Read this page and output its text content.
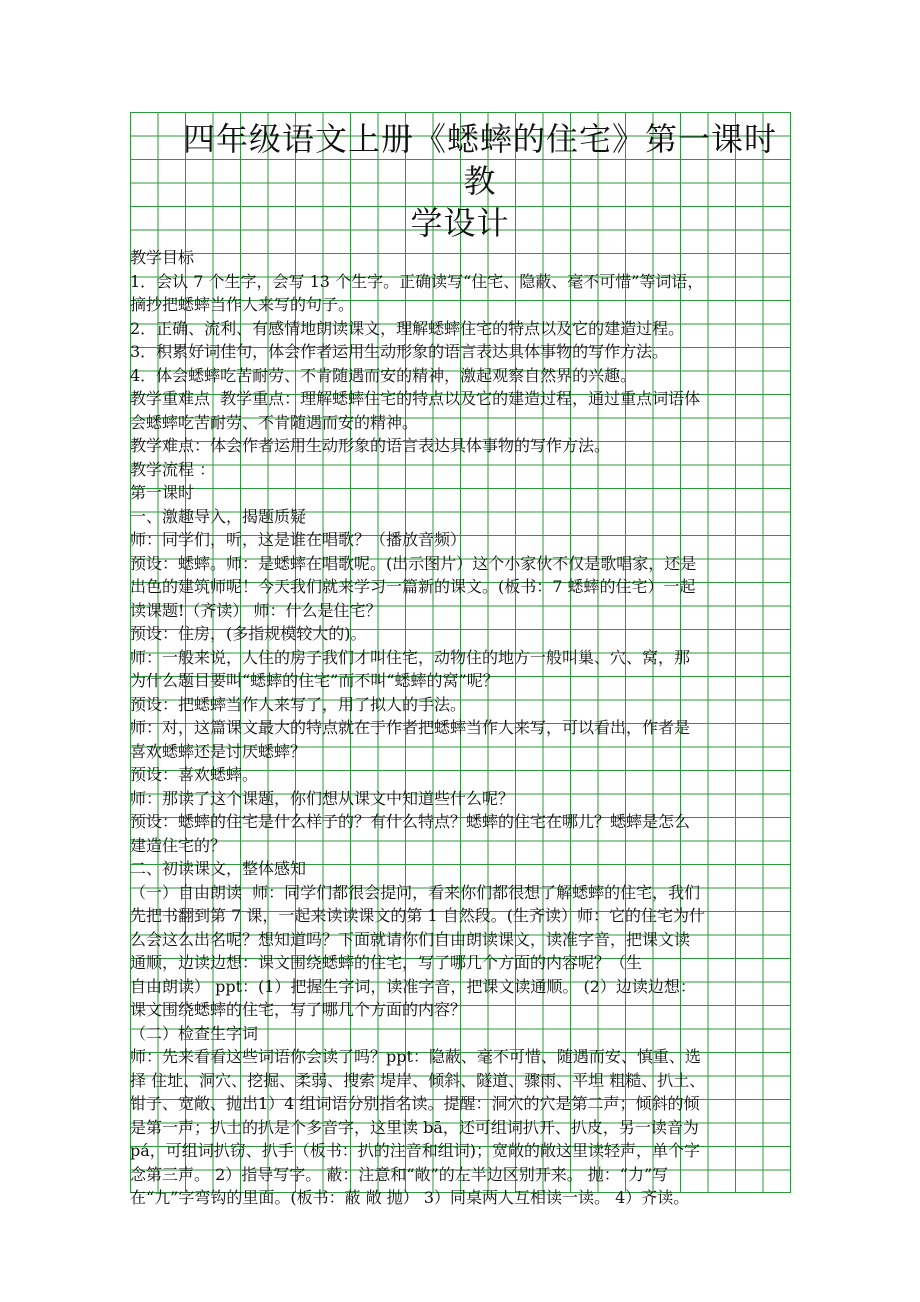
四年级语文上册《蟋蟀的住宅》第一课时教
学设计
教学目标
1．会认 7 个生字，会写 13 个生字。正确读写“住宅、隐蔽、毫不可惜”等词语，
摘抄把蟋蟀当作人来写的句子。
2．正确、流利、有感情地朗读课文，理解蟋蟀住宅的特点以及它的建造过程。
3．积累好词佳句，体会作者运用生动形象的语言表达具体事物的写作方法。
4．体会蟋蟀吃苦耐劳、不肯随遇而安的精神，激起观察自然界的兴趣。
教学重难点  教学重点：理解蟋蟀住宅的特点以及它的建造过程，通过重点词语体
会蟋蟀吃苦耐劳、不肯随遇而安的精神。
教学难点：体会作者运用生动形象的语言表达具体事物的写作方法。
教学流程 ：
第一课时
一、激趣导入，揭题质疑
师：同学们，听，这是谁在唱歌？（播放音频）
预设：蟋蟀。师：是蟋蟀在唱歌呢。(出示图片）这个小家伙不仅是歌唱家，还是
出色的建筑师呢！今天我们就来学习一篇新的课文。(板书：7 蟋蟀的住宅）一起
读课题!（齐读） 师：什么是住宅？
预设：住房，(多指规模较大的)。
师：一般来说，人住的房子我们才叫住宅，动物住的地方一般叫巢、穴、窝，那
为什么题目要叫“蟋蟀的住宅”而不叫“蟋蟀的窝”呢？
预设：把蟋蟀当作人来写了，用了拟人的手法。
师：对，这篇课文最大的特点就在于作者把蟋蟀当作人来写，可以看出，作者是
喜欢蟋蟀还是讨厌蟋蟀？
预设：喜欢蟋蟀。
师：那读了这个课题，你们想从课文中知道些什么呢？
预设：蟋蟀的住宅是什么样子的？有什么特点？蟋蟀的住宅在哪儿？蟋蟀是怎么
建造住宅的？
二、初读课文，整体感知
（一）自由朗读  师：同学们都很会提问，看来你们都很想了解蟋蟀的住宅，我们
先把书翻到第 7 课，一起来读读课文的第 1 自然段。(生齐读）师：它的住宅为什
么会这么出名呢？想知道吗？下面就请你们自由朗读课文，读准字音，把课文读
通顺，边读边想：课文围绕蟋蟀的住宅，写了哪几个方面的内容呢？（生
自由朗读） ppt：(1）把握生字词，读准字音，把课文读通顺。 (2）边读边想：
课文围绕蟋蟀的住宅，写了哪几个方面的内容？
（二）检查生字词
师：先来看看这些词语你会读了吗？ppt：隐蔽、毫不可惜、随遇而安、慎重、选
择 住址、洞穴、挖掘、柔弱、搜索 堤岸、倾斜、隧道、骤雨、平坦 粗糙、扒土、
钳子、宽敞、抛出1）4 组词语分别指名读。提醒：洞穴的穴是第二声；倾斜的倾
是第一声；扒土的扒是个多音字，这里读 bā，还可组词扒开、扒皮，另一读音为
pá，可组词扒窃、扒手（板书：扒的注音和组词)；宽敞的敞这里读轻声，单个字
念第三声。 2）指导写字。 蔽：注意和“敞”的左半边区别开来。 抛：“力”写
在“九”字弯钩的里面。(板书：蔽 敞 抛） 3）同桌两人互相读一读。 4）齐读。
